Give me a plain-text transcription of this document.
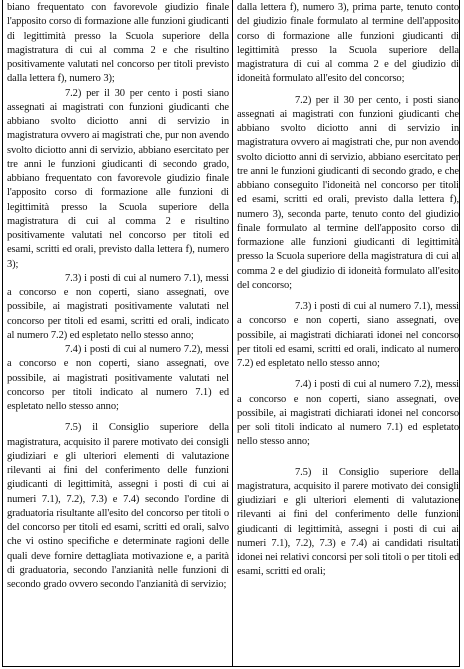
biano frequentato con favorevole giudizio finale l'apposito corso di formazione alle funzioni giudicanti di legittimità presso la Scuola superiore della magistratura di cui al comma 2 e che risultino positivamente valutati nel concorso per titoli previsto dalla lettera f), numero 3);

7.2) per il 30 per cento i posti siano assegnati ai magistrati con funzioni giudicanti che abbiano svolto diciotto anni di servizio in magistratura ovvero ai magistrati che, pur non avendo svolto diciotto anni di servizio, abbiano esercitato per tre anni le funzioni giudicanti di secondo grado, abbiano frequentato con favorevole giudizio finale l'apposito corso di formazione alle funzioni di legittimità presso la Scuola superiore della magistratura di cui al comma 2 e risultino positivamente valutati nel concorso per titoli ed esami, scritti ed orali, previsto dalla lettera f), numero 3);

7.3) i posti di cui al numero 7.1), messi a concorso e non coperti, siano assegnati, ove possibile, ai magistrati positivamente valutati nel concorso per titoli ed esami, scritti ed orali, indicato al numero 7.2) ed espletato nello stesso anno;

7.4) i posti di cui al numero 7.2), messi a concorso e non coperti, siano assegnati, ove possibile, ai magistrati positivamente valutati nel concorso per titoli indicato al numero 7.1) ed espletato nello stesso anno;

7.5) il Consiglio superiore della magistratura, acquisito il parere motivato dei consigli giudiziari e gli ulteriori elementi di valutazione rilevanti ai fini del conferimento delle funzioni giudicanti di legittimità, assegni i posti di cui ai numeri 7.1), 7.2), 7.3) e 7.4) secondo l'ordine di graduatoria risultante all'esito del concorso per titoli o del concorso per titoli ed esami, scritti ed orali, salvo che vi ostino specifiche e determinate ragioni delle quali deve fornire dettagliata motivazione e, a parità di graduatoria, secondo l'anzianità nelle funzioni di secondo grado ovvero secondo l'anzianità di servizio;

dalla lettera f), numero 3), prima parte, tenuto conto del giudizio finale formulato al termine dell'apposito corso di formazione alle funzioni giudicanti di legittimità presso la Scuola superiore della magistratura di cui al comma 2 e del giudizio di idoneità formulato all'esito del concorso;

7.2) per il 30 per cento, i posti siano assegnati ai magistrati con funzioni giudicanti che abbiano svolto diciotto anni di servizio in magistratura ovvero ai magistrati che, pur non avendo svolto diciotto anni di servizio, abbiano esercitato per tre anni le funzioni giudicanti di secondo grado, e che abbiano conseguito l'idoneità nel concorso per titoli ed esami, scritti ed orali, previsto dalla lettera f), numero 3), seconda parte, tenuto conto del giudizio finale formulato al termine dell'apposito corso di formazione alle funzioni giudicanti di legittimità presso la Scuola superiore della magistratura di cui al comma 2 e del giudizio di idoneità formulato all'esito del concorso;

7.3) i posti di cui al numero 7.1), messi a concorso e non coperti, siano assegnati, ove possibile, ai magistrati dichiarati idonei nel concorso per titoli ed esami, scritti ed orali, indicato al numero 7.2) ed espletato nello stesso anno;

7.4) i posti di cui al numero 7.2), messi a concorso e non coperti, siano assegnati, ove possibile, ai magistrati dichiarati idonei nel concorso per soli titoli indicato al numero 7.1) ed espletato nello stesso anno;

7.5) il Consiglio superiore della magistratura, acquisito il parere motivato dei consigli giudiziari e gli ulteriori elementi di valutazione rilevanti ai fini del conferimento delle funzioni giudicanti di legittimità, assegni i posti di cui ai numeri 7.1), 7.2), 7.3) e 7.4) ai candidati risultati idonei nei relativi concorsi per soli titoli o per titoli ed esami, scritti ed orali;
